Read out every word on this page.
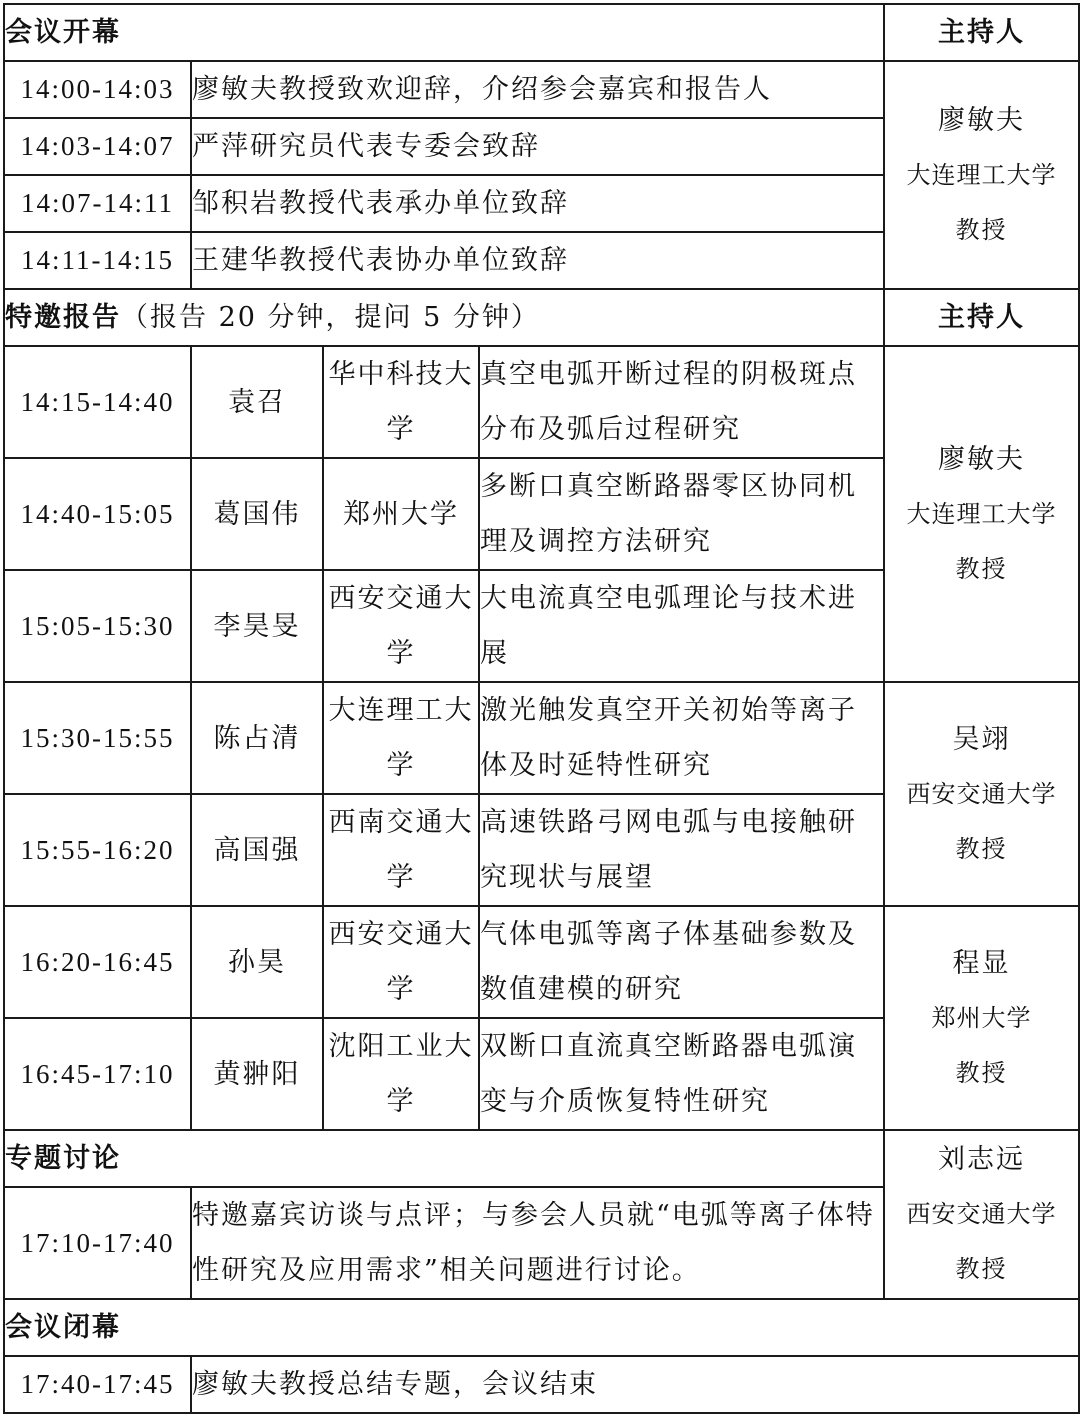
会议开幕				主持人
14:00-14:03	廖敏夫教授致欢迎辞，介绍参会嘉宾和报告人			廖敏夫
大连理工大学
教授

14:03-14:07	严萍研究员代表专委会致辞			
14:07-14:11	邹积岩教授代表承办单位致辞			
14:11-14:15	王建华教授代表协办单位致辞			
特邀报告（报告 20 分钟，提问 5 分钟）				主持人
14:15-14:40	袁召	华中科技大学	真空电弧开断过程的阴极斑点分布及弧后过程研究	廖敏夫
大连理工大学
教授

14:40-15:05	葛国伟	郑州大学	多断口真空断路器零区协同机理及调控方法研究	
15:05-15:30	李昊旻	西安交通大学	大电流真空电弧理论与技术进展	
15:30-15:55	陈占清	大连理工大学	激光触发真空开关初始等离子体及时延特性研究	吴翊
西安交通大学
教授

15:55-16:20	高国强	西南交通大学	高速铁路弓网电弧与电接触研究现状与展望	
16:20-16:45	孙昊	西安交通大学	气体电弧等离子体基础参数及数值建模的研究	程显
郑州大学
教授

16:45-17:10	黄翀阳	沈阳工业大学	双断口直流真空断路器电弧演变与介质恢复特性研究	
专题讨论				刘志远
西安交通大学
教授

17:10-17:40	特邀嘉宾访谈与点评；与参会人员就“电弧等离子体特性研究及应用需求”相关问题进行讨论。			
会议闭幕				
17:40-17:45	廖敏夫教授总结专题，会议结束			
